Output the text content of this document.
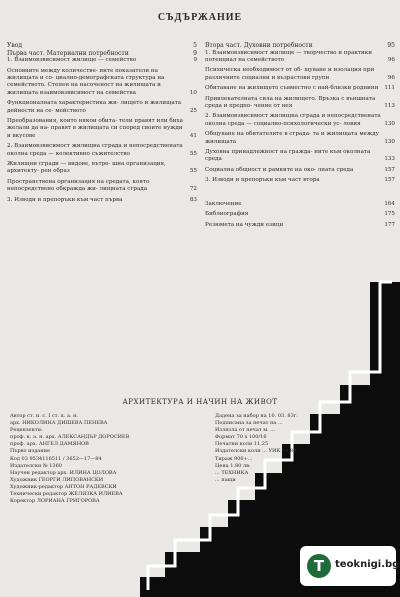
СЪДЪРЖАНИЕ
Увод	5
Първа част. Материални потребности	9
1. Взаимовзвисимост жилище — семейство	9
Основните между количестве- ните показатели на жилищата и со- циално-демографската структура на семейството. Степен на насоченост на жилищата и жилищата взаимовзвисимост на семейства	10
Функционалната характеристика жи- лището и жилищата дейности на се- мейството	25
Преобразования, които някои обита- тели правят или биха желали да на- правят в жилищата си според своите нужди и вкусове	41
2. Взаимовзвисимост жилищна сграда и непосредствената околна среда — колективно съжителство	55
Жилищни сгради — видове, вътре- шна организация, архитекту- рен образ	55
Пространствена организация на средата, която непосредствено обкражда жи- лищната сграда	72
3. Изводи и препоръки към част първа	83
Втора част. Духовни потребности	95
1. Взаимовзвисимост жилище — творчество и практики потенциал на семейството	96
Психическа необходимост от об- щуване и изолация при различните социални и възрастови групи	96
Обитаване на жилището съвместно с най-близки роднини 111
Привлекателната сила на жилището. Връзка с външната среда и предпо- чение от нея	113
2. Взаимовзвисимост жилищна сграда и непосредствената околна среда — социално-психологически ус- ловия	130
Общуване на обитателите в сграда- та и жилищата между жилищата	130
Духовна принадлежност на гражда- ните към околната среда	133
Социална общност и рамките на око- лната среда	157
3. Изводи и препоръки към част втора	157
Заключение	164
Библиография	175
Резюмета на чужди езици	177
АРХИТЕКТУРА И НАЧИН НА ЖИВОТ
Автор ст. н. с. I ст. к. а. н.
арх. НИКОЛИНА ДИШЕВА ПЕНЕВА
Рецензенти:
проф. к. а. н. арх. АЛЕКСАНДЪР ДОРОСИЕВ
проф. арх. АНГЕЛ ДАМЯНОВ
Първо издание
Код 03 9534116511 / 3652—17—84
Издателски № 1360
Научен редактор арх. ИЛИНА ЦОЛОВА
Художник ГЕОРГИ ЛИПОВАНСКИ
Художник-редактор АНТОН РАДЕВСКИ
Технически редактор ЖЕЛЯЗКА ИЛИЕВА
Коректор ЛОРИАНА ГРИГОРОВА
Дадена за набор на 10. 03. 83г.
Подписана за печат на ...
Излязла от печат м. ...
Формат 70 х 100/16
Печатни коли 11,25
Издателски коли ... УИК 14,80
Тираж 900+...
Цена 1.80 лв.
... ТЕХНИКА
... пащи
T	teoknigi.bg
